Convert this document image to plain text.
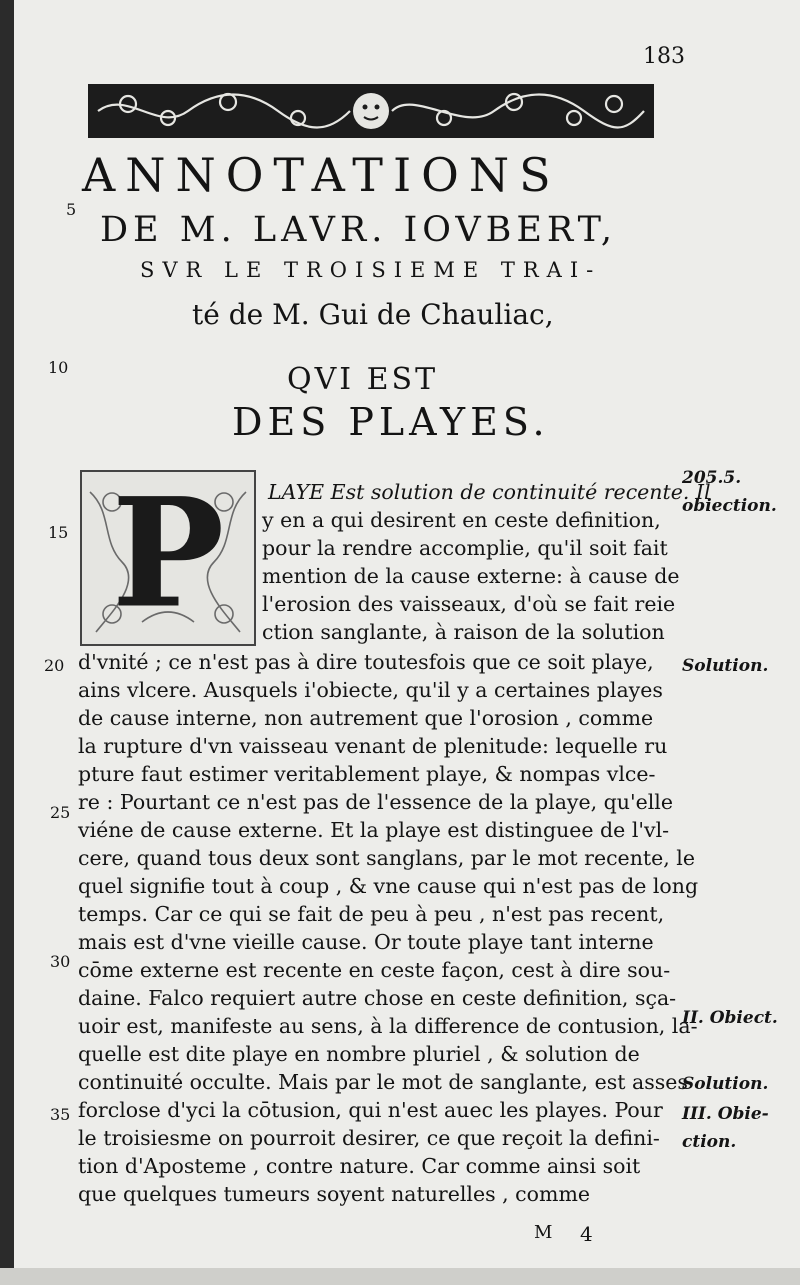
183
ANNOTATIONS
DE M. LAVR. IOVBERT,
SVR LE TROISIEME TRAI-
té de M. Gui de Chauliac,
QVI EST
DES PLAYES.
5
10
15
20
25
30
35
P LAYE Est solution de continuité recente. Il
y en a qui desirent en ceste definition,
pour la rendre accomplie, qu'il soit fait
mention de la cause externe: à cause de
l'erosion des vaisseaux, d'où se fait reie
ction sanglante, à raison de la solution
d'vnité ; ce n'est pas à dire toutesfois que ce soit playe,
ains vlcere. Ausquels i'obiecte, qu'il y a certaines playes
de cause interne, non autrement que l'orosion , comme
la rupture d'vn vaisseau venant de plenitude: lequelle ru
pture faut estimer veritablement playe, & nompas vlce-
re : Pourtant ce n'est pas de l'essence de la playe, qu'elle
viéne de cause externe. Et la playe est distinguee de l'vl-
cere, quand tous deux sont sanglans, par le mot recente, le
quel signifie tout à coup , & vne cause qui n'est pas de long
temps. Car ce qui se fait de peu à peu , n'est pas recent,
mais est d'vne vieille cause. Or toute playe tant interne
cōme externe est recente en ceste façon, cest à dire sou-
daine. Falco requiert autre chose en ceste definition, sça-
uoir est, manifeste au sens, à la difference de contusion, la-
quelle est dite playe en nombre pluriel , & solution de
continuité occulte. Mais par le mot de sanglante, est asses
forclose d'yci la cōtusion, qui n'est auec les playes. Pour
le troisiesme on pourroit desirer, ce que reçoit la defini-
tion d'Aposteme , contre nature. Car comme ainsi soit
que quelques tumeurs soyent naturelles , comme
205.5.
obiection.
Solution.
II. Obiect.
Solution.
III. Obie-
ction.
M 4
